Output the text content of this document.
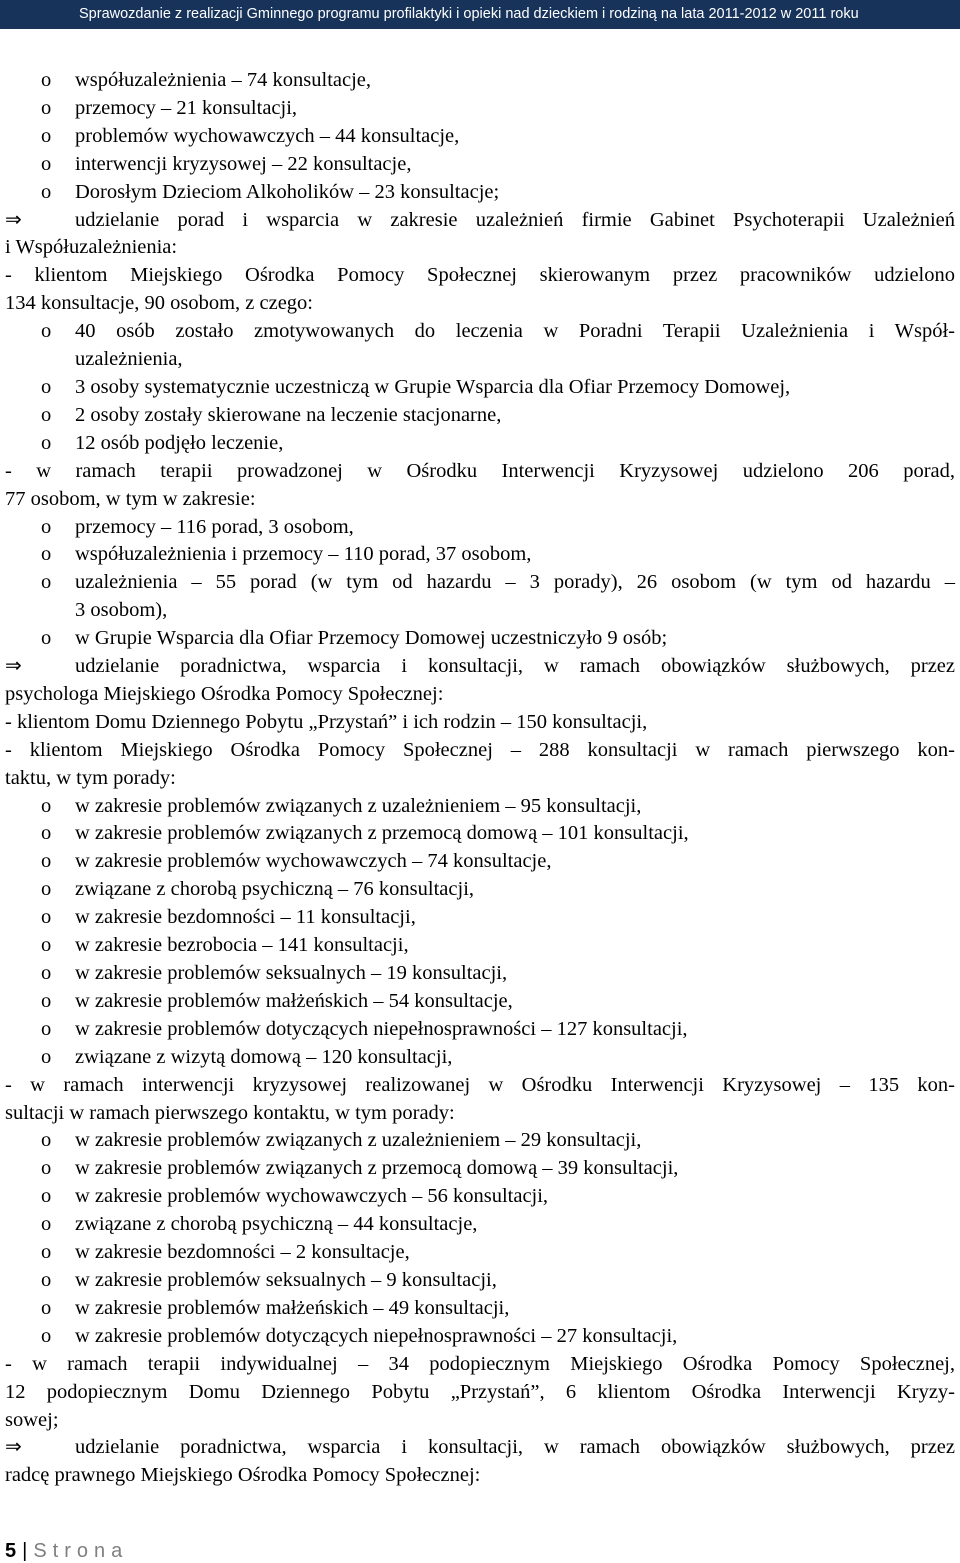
Sprawozdanie z realizacji Gminnego programu profilaktyki i opieki nad dzieckiem i rodziną na lata 2011-2012 w 2011 roku
o współuzależnienia – 74 konsultacje,
o przemocy – 21 konsultacji,
o problemów wychowawczych – 44 konsultacje,
o interwencji kryzysowej – 22 konsultacje,
o Dorosłym Dzieciom Alkoholików – 23 konsultacje;
⇒	udzielanie porad i wsparcia w zakresie uzależnień firmie Gabinet Psychoterapii Uzależnień
i Współuzależnienia:
- klientom Miejskiego Ośrodka Pomocy Społecznej skierowanym przez pracowników udzielono
134 konsultacje, 90 osobom, z czego:
o 40 osób zostało zmotywowanych do leczenia w Poradni Terapii Uzależnienia i Współ-
uzależnienia,
o 3 osoby systematycznie uczestniczą w Grupie Wsparcia dla Ofiar Przemocy Domowej,
o 2 osoby zostały skierowane na leczenie stacjonarne,
o 12 osób podjęło leczenie,
- w ramach terapii prowadzonej w Ośrodku Interwencji Kryzysowej udzielono 206 porad,
77 osobom, w tym w zakresie:
o przemocy – 116 porad, 3 osobom,
o współuzależnienia i przemocy – 110 porad, 37 osobom,
o uzależnienia – 55 porad (w tym od hazardu – 3 porady), 26 osobom (w tym od hazardu –
3 osobom),
o w Grupie Wsparcia dla Ofiar Przemocy Domowej uczestniczyło 9 osób;
⇒	udzielanie poradnictwa, wsparcia i konsultacji, w ramach obowiązków służbowych, przez
psychologa Miejskiego Ośrodka Pomocy Społecznej:
- klientom Domu Dziennego Pobytu „Przystań” i ich rodzin – 150 konsultacji,
- klientom Miejskiego Ośrodka Pomocy Społecznej – 288 konsultacji w ramach pierwszego kon-
taktu, w tym porady:
o w zakresie problemów związanych z uzależnieniem – 95 konsultacji,
o w zakresie problemów związanych z przemocą domową – 101 konsultacji,
o w zakresie problemów wychowawczych – 74 konsultacje,
o związane z chorobą psychiczną – 76 konsultacji,
o w zakresie bezdomności – 11 konsultacji,
o w zakresie bezrobocia – 141 konsultacji,
o w zakresie problemów seksualnych – 19 konsultacji,
o w zakresie problemów małżeńskich – 54 konsultacje,
o w zakresie problemów dotyczących niepełnosprawności – 127 konsultacji,
o związane z wizytą domową – 120 konsultacji,
- w ramach interwencji kryzysowej realizowanej w Ośrodku Interwencji Kryzysowej – 135 kon-
sultacji w ramach pierwszego kontaktu, w tym porady:
o w zakresie problemów związanych z uzależnieniem – 29 konsultacji,
o w zakresie problemów związanych z przemocą domową – 39 konsultacji,
o w zakresie problemów wychowawczych – 56 konsultacji,
o związane z chorobą psychiczną – 44 konsultacje,
o w zakresie bezdomności – 2 konsultacje,
o w zakresie problemów seksualnych – 9 konsultacji,
o w zakresie problemów małżeńskich – 49 konsultacji,
o w zakresie problemów dotyczących niepełnosprawności – 27 konsultacji,
- w ramach terapii indywidualnej – 34 podopiecznym Miejskiego Ośrodka Pomocy Społecznej,
12 podopiecznym Domu Dziennego Pobytu „Przystań”, 6 klientom Ośrodka Interwencji Kryzy-
sowej;
⇒	udzielanie poradnictwa, wsparcia i konsultacji, w ramach obowiązków służbowych, przez
radcę prawnego Miejskiego Ośrodka Pomocy Społecznej:
5 | Strona
